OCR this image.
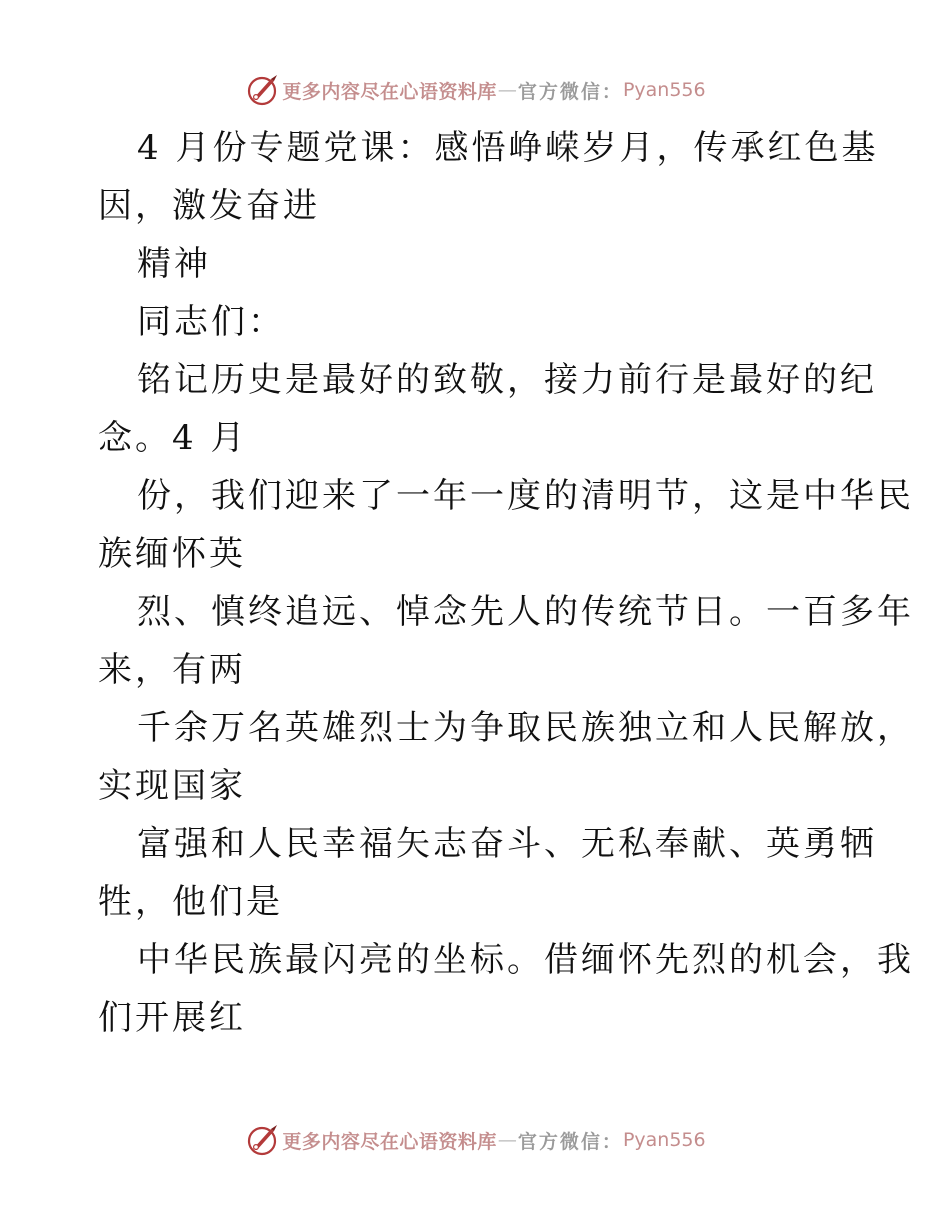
更多内容尽在心语资料库 — 官方微信： Pyan556
4 月份专题党课：感悟峥嵘岁月，传承红色基
因，激发奋进
精神
同志们：
铭记历史是最好的致敬，接力前行是最好的纪
念。4 月
份，我们迎来了一年一度的清明节，这是中华民
族缅怀英
烈、慎终追远、悼念先人的传统节日。一百多年
来，有两
千余万名英雄烈士为争取民族独立和人民解放，
实现国家
富强和人民幸福矢志奋斗、无私奉献、英勇牺
牲，他们是
中华民族最闪亮的坐标。借缅怀先烈的机会，我
们开展红
更多内容尽在心语资料库 — 官方微信： Pyan556
